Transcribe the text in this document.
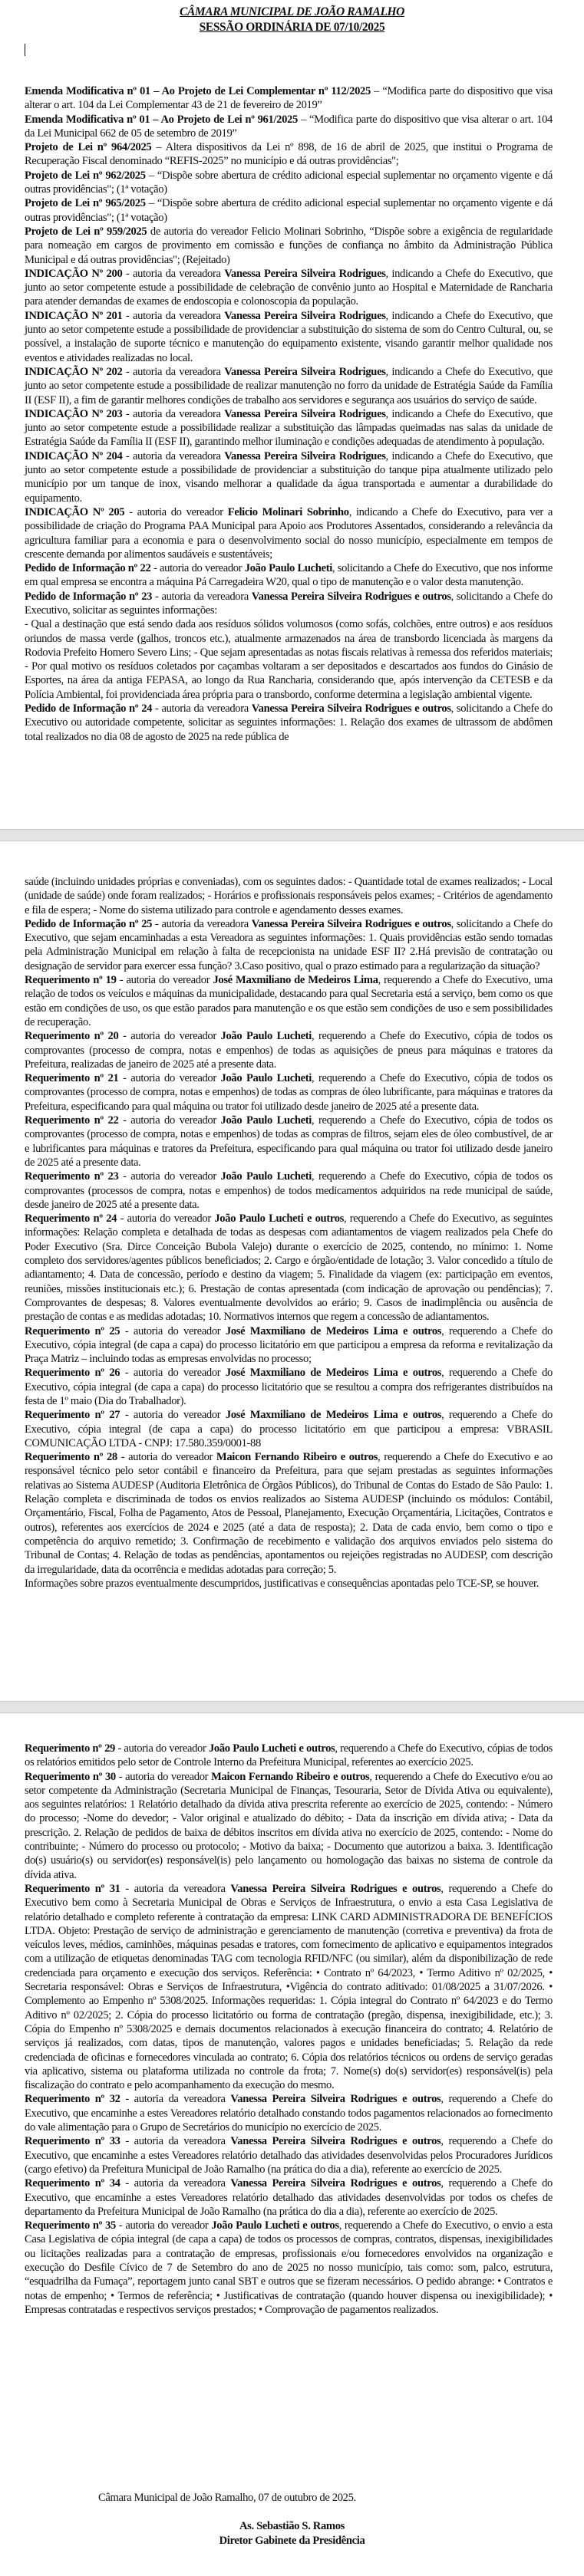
CÂMARA MUNICIPAL DE JOÃO RAMALHO
SESSÃO ORDINÁRIA DE 07/10/2025

Emenda Modificativa nº 01 – Ao Projeto de Lei Complementar nº 112/2025 – “Modifica parte do dispositivo que visa alterar o art. 104 da Lei Complementar 43 de 21 de fevereiro de 2019”

Emenda Modificativa nº 01 – Ao Projeto de Lei nº 961/2025 – “Modifica parte do dispositivo que visa alterar o art. 104 da Lei Municipal 662 de 05 de setembro de 2019”

Projeto de Lei nº 964/2025 – Altera dispositivos da Lei nº 898, de 16 de abril de 2025, que institui o Programa de Recuperação Fiscal denominado “REFIS-2025” no município e dá outras providências";

Projeto de Lei nº 962/2025 – “Dispõe sobre abertura de crédito adicional especial suplementar no orçamento vigente e dá outras providências"; (1ª votação)

Projeto de Lei nº 965/2025 – “Dispõe sobre abertura de crédito adicional especial suplementar no orçamento vigente e dá outras providências"; (1ª votação)

Projeto de Lei nº 959/2025 de autoria do vereador Felicio Molinari Sobrinho, “Dispõe sobre a exigência de regularidade para nomeação em cargos de provimento em comissão e funções de confiança no âmbito da Administração Pública Municipal e dá outras providências"; (Rejeitado)

INDICAÇÃO Nº 200 - autoria da vereadora Vanessa Pereira Silveira Rodrigues, indicando a Chefe do Executivo, que junto ao setor competente estude a possibilidade de celebração de convênio junto ao Hospital e Maternidade de Rancharia para atender demandas de exames de endoscopia e colonoscopia da população.

INDICAÇÃO Nº 201 - autoria da vereadora Vanessa Pereira Silveira Rodrigues, indicando a Chefe do Executivo, que junto ao setor competente estude a possibilidade de providenciar a substituição do sistema de som do Centro Cultural, ou, se possível, a instalação de suporte técnico e manutenção do equipamento existente, visando garantir melhor qualidade nos eventos e atividades realizadas no local.

INDICAÇÃO Nº 202 - autoria da vereadora Vanessa Pereira Silveira Rodrigues, indicando a Chefe do Executivo, que junto ao setor competente estude a possibilidade de realizar manutenção no forro da unidade de Estratégia Saúde da Família II (ESF II), a fim de garantir melhores condições de trabalho aos servidores e segurança aos usuários do serviço de saúde.

INDICAÇÃO Nº 203 - autoria da vereadora Vanessa Pereira Silveira Rodrigues, indicando a Chefe do Executivo, que junto ao setor competente estude a possibilidade realizar a substituição das lâmpadas queimadas nas salas da unidade de Estratégia Saúde da Família II (ESF II), garantindo melhor iluminação e condições adequadas de atendimento à população.

INDICAÇÃO Nº 204 - autoria da vereadora Vanessa Pereira Silveira Rodrigues, indicando a Chefe do Executivo, que junto ao setor competente estude a possibilidade de providenciar a substituição do tanque pipa atualmente utilizado pelo município por um tanque de inox, visando melhorar a qualidade da água transportada e aumentar a durabilidade do equipamento.

INDICAÇÃO Nº 205 - autoria do vereador Felicio Molinari Sobrinho, indicando a Chefe do Executivo, para ver a possibilidade de criação do Programa PAA Municipal para Apoio aos Produtores Assentados, considerando a relevância da agricultura familiar para a economia e para o desenvolvimento social do nosso município, especialmente em tempos de crescente demanda por alimentos saudáveis e sustentáveis;

Pedido de Informação nº 22 - autoria do vereador João Paulo Lucheti, solicitando a Chefe do Executivo, que nos informe em qual empresa se encontra a máquina Pá Carregadeira W20, qual o tipo de manutenção e o valor desta manutenção.

Pedido de Informação nº 23 - autoria da vereadora Vanessa Pereira Silveira Rodrigues e outros, solicitando a Chefe do Executivo, solicitar as seguintes informações:

- Qual a destinação que está sendo dada aos resíduos sólidos volumosos (como sofás, colchões, entre outros) e aos resíduos oriundos de massa verde (galhos, troncos etc.), atualmente armazenados na área de transbordo licenciada às margens da Rodovia Prefeito Homero Severo Lins; - Que sejam apresentadas as notas fiscais relativas à remessa dos referidos materiais; - Por qual motivo os resíduos coletados por caçambas voltaram a ser depositados e descartados aos fundos do Ginásio de Esportes, na área da antiga FEPASA, ao longo da Rua Rancharia, considerando que, após intervenção da CETESB e da Polícia Ambiental, foi providenciada área própria para o transbordo, conforme determina a legislação ambiental vigente.

Pedido de Informação nº 24 - autoria da vereadora Vanessa Pereira Silveira Rodrigues e outros, solicitando a Chefe do Executivo ou autoridade competente, solicitar as seguintes informações: 1. Relação dos exames de ultrassom de abdômen total realizados no dia 08 de agosto de 2025 na rede pública de

saúde (incluindo unidades próprias e conveniadas), com os seguintes dados: - Quantidade total de exames realizados; - Local (unidade de saúde) onde foram realizados; - Horários e profissionais responsáveis pelos exames; - Critérios de agendamento e fila de espera; - Nome do sistema utilizado para controle e agendamento desses exames.

Pedido de Informação nº 25 - autoria da vereadora Vanessa Pereira Silveira Rodrigues e outros, solicitando a Chefe do Executivo, que sejam encaminhadas a esta Vereadora as seguintes informações: 1. Quais providências estão sendo tomadas pela Administração Municipal em relação à falta de recepcionista na unidade ESF II? 2.Há previsão de contratação ou designação de servidor para exercer essa função? 3.Caso positivo, qual o prazo estimado para a regularização da situação?

Requerimento nº 19 - autoria do vereador José Maxmiliano de Medeiros Lima, requerendo a Chefe do Executivo, uma relação de todos os veículos e máquinas da municipalidade, destacando para qual Secretaria está a serviço, bem como os que estão em condições de uso, os que estão parados para manutenção e os que estão sem condições de uso e sem possibilidades de recuperação.

Requerimento nº 20 - autoria do vereador João Paulo Lucheti, requerendo a Chefe do Executivo, cópia de todos os comprovantes (processo de compra, notas e empenhos) de todas as aquisições de pneus para máquinas e tratores da Prefeitura, realizadas de janeiro de 2025 até a presente data.

Requerimento nº 21 - autoria do vereador João Paulo Lucheti, requerendo a Chefe do Executivo, cópia de todos os comprovantes (processo de compra, notas e empenhos) de todas as compras de óleo lubrificante, para máquinas e tratores da Prefeitura, especificando para qual máquina ou trator foi utilizado desde janeiro de 2025 até a presente data.

Requerimento nº 22 - autoria do vereador João Paulo Lucheti, requerendo a Chefe do Executivo, cópia de todos os comprovantes (processo de compra, notas e empenhos) de todas as compras de filtros, sejam eles de óleo combustível, de ar e lubrificantes para máquinas e tratores da Prefeitura, especificando para qual máquina ou trator foi utilizado desde janeiro de 2025 até a presente data.

Requerimento nº 23 - autoria do vereador João Paulo Lucheti, requerendo a Chefe do Executivo, cópia de todos os comprovantes (processos de compra, notas e empenhos) de todos medicamentos adquiridos na rede municipal de saúde, desde janeiro de 2025 até a presente data.

Requerimento nº 24 - autoria do vereador João Paulo Lucheti e outros, requerendo a Chefe do Executivo, as seguintes informações: Relação completa e detalhada de todas as despesas com adiantamentos de viagem realizados pela Chefe do Poder Executivo (Sra. Dirce Conceição Bubola Valejo) durante o exercício de 2025, contendo, no mínimo: 1. Nome completo dos servidores/agentes públicos beneficiados; 2. Cargo e órgão/entidade de lotação; 3. Valor concedido a título de adiantamento; 4. Data de concessão, período e destino da viagem; 5. Finalidade da viagem (ex: participação em eventos, reuniões, missões institucionais etc.); 6. Prestação de contas apresentada (com indicação de aprovação ou pendências); 7. Comprovantes de despesas; 8. Valores eventualmente devolvidos ao erário; 9. Casos de inadimplência ou ausência de prestação de contas e as medidas adotadas; 10. Normativos internos que regem a concessão de adiantamentos.

Requerimento nº 25 - autoria do vereador José Maxmiliano de Medeiros Lima e outros, requerendo a Chefe do Executivo, cópia integral (de capa a capa) do processo licitatório em que participou a empresa da reforma e revitalização da Praça Matriz – incluindo todas as empresas envolvidas no processo;

Requerimento nº 26 - autoria do vereador José Maxmiliano de Medeiros Lima e outros, requerendo a Chefe do Executivo, cópia integral (de capa a capa) do processo licitatório que se resultou a compra dos refrigerantes distribuídos na festa de 1º maio (Dia do Trabalhador).

Requerimento nº 27 - autoria do vereador José Maxmiliano de Medeiros Lima e outros, requerendo a Chefe do Executivo, cópia integral (de capa a capa) do processo licitatório em que participou a empresa: VBRASIL COMUNICAÇÃO LTDA - CNPJ: 17.580.359/0001-88

Requerimento nº 28 - autoria do vereador Maicon Fernando Ribeiro e outros, requerendo a Chefe do Executivo e ao responsável técnico pelo setor contábil e financeiro da Prefeitura, para que sejam prestadas as seguintes informações relativas ao Sistema AUDESP (Auditoria Eletrônica de Órgãos Públicos), do Tribunal de Contas do Estado de São Paulo: 1. Relação completa e discriminada de todos os envios realizados ao Sistema AUDESP (incluindo os módulos: Contábil, Orçamentário, Fiscal, Folha de Pagamento, Atos de Pessoal, Planejamento, Execução Orçamentária, Licitações, Contratos e outros), referentes aos exercícios de 2024 e 2025 (até a data de resposta); 2. Data de cada envio, bem como o tipo e competência do arquivo remetido; 3. Confirmação de recebimento e validação dos arquivos enviados pelo sistema do Tribunal de Contas; 4. Relação de todas as pendências, apontamentos ou rejeições registradas no AUDESP, com descrição da irregularidade, data da ocorrência e medidas adotadas para correção; 5.

Informações sobre prazos eventualmente descumpridos, justificativas e consequências apontadas pelo TCE-SP, se houver.

Requerimento nº 29 - autoria do vereador João Paulo Lucheti e outros, requerendo a Chefe do Executivo, cópias de todos os relatórios emitidos pelo setor de Controle Interno da Prefeitura Municipal, referentes ao exercício 2025.

Requerimento nº 30 - autoria do vereador Maicon Fernando Ribeiro e outros, requerendo a Chefe do Executivo e/ou ao setor competente da Administração (Secretaria Municipal de Finanças, Tesouraria, Setor de Dívida Ativa ou equivalente), aos seguintes relatórios: 1 Relatório detalhado da dívida ativa prescrita referente ao exercício de 2025, contendo: - Número do processo; -Nome do devedor; - Valor original e atualizado do débito; - Data da inscrição em dívida ativa; - Data da prescrição. 2. Relação de pedidos de baixa de débitos inscritos em dívida ativa no exercício de 2025, contendo: - Nome do contribuinte; - Número do processo ou protocolo; - Motivo da baixa; - Documento que autorizou a baixa. 3. Identificação do(s) usuário(s) ou servidor(es) responsável(is) pelo lançamento ou homologação das baixas no sistema de controle da dívida ativa.

Requerimento nº 31 - autoria da vereadora Vanessa Pereira Silveira Rodrigues e outros, requerendo a Chefe do Executivo bem como à Secretaria Municipal de Obras e Serviços de Infraestrutura, o envio a esta Casa Legislativa de relatório detalhado e completo referente à contratação da empresa: LINK CARD ADMINISTRADORA DE BENEFÍCIOS LTDA. Objeto: Prestação de serviço de administração e gerenciamento de manutenção (corretiva e preventiva) da frota de veículos leves, médios, caminhões, máquinas pesadas e tratores, com fornecimento de aplicativo e equipamentos integrados com a utilização de etiquetas denominadas TAG com tecnologia RFID/NFC (ou similar), além da disponibilização de rede credenciada para orçamento e execução dos serviços. Referência: • Contrato nº 64/2023, • Termo Aditivo nº 02/2025, • Secretaria responsável: Obras e Serviços de Infraestrutura, •Vigência do contrato aditivado: 01/08/2025 a 31/07/2026. • Complemento ao Empenho nº 5308/2025. Informações requeridas: 1. Cópia integral do Contrato nº 64/2023 e do Termo Aditivo nº 02/2025; 2. Cópia do processo licitatório ou forma de contratação (pregão, dispensa, inexigibilidade, etc.); 3. Cópia do Empenho nº 5308/2025 e demais documentos relacionados à execução financeira do contrato; 4. Relatório de serviços já realizados, com datas, tipos de manutenção, valores pagos e unidades beneficiadas; 5. Relação da rede credenciada de oficinas e fornecedores vinculada ao contrato; 6. Cópia dos relatórios técnicos ou ordens de serviço geradas via aplicativo, sistema ou plataforma utilizada no controle da frota; 7. Nome(s) do(s) servidor(es) responsável(is) pela fiscalização do contrato e pelo acompanhamento da execução do mesmo.

Requerimento nº 32 - autoria da vereadora Vanessa Pereira Silveira Rodrigues e outros, requerendo a Chefe do Executivo, que encaminhe a estes Vereadores relatório detalhado constando todos pagamentos relacionados ao fornecimento do vale alimentação para o Grupo de Secretários do município no exercício de 2025.

Requerimento nº 33 - autoria da vereadora Vanessa Pereira Silveira Rodrigues e outros, requerendo a Chefe do Executivo, que encaminhe a estes Vereadores relatório detalhado das atividades desenvolvidas pelos Procuradores Jurídicos (cargo efetivo) da Prefeitura Municipal de João Ramalho (na prática do dia a dia), referente ao exercício de 2025.

Requerimento nº 34 - autoria da vereadora Vanessa Pereira Silveira Rodrigues e outros, requerendo a Chefe do Executivo, que encaminhe a estes Vereadores relatório detalhado das atividades desenvolvidas por todos os chefes de departamento da Prefeitura Municipal de João Ramalho (na prática do dia a dia), referente ao exercício de 2025.

Requerimento nº 35 - autoria do vereador João Paulo Lucheti e outros, requerendo a Chefe do Executivo, o envio a esta Casa Legislativa de cópia integral (de capa a capa) de todos os processos de compras, contratos, dispensas, inexigibilidades ou licitações realizadas para a contratação de empresas, profissionais e/ou fornecedores envolvidos na organização e execução do Desfile Cívico de 7 de Setembro do ano de 2025 no nosso município, tais como: som, palco, estrutura, “esquadrilha da Fumaça”, reportagem junto canal SBT e outros que se fizeram necessários. O pedido abrange: • Contratos e notas de empenho; • Termos de referência; • Justificativas de contratação (quando houver dispensa ou inexigibilidade); • Empresas contratadas e respectivos serviços prestados; • Comprovação de pagamentos realizados.

Câmara Municipal de João Ramalho, 07 de outubro de 2025.
As. Sebastião S. Ramos
Diretor Gabinete da Presidência
